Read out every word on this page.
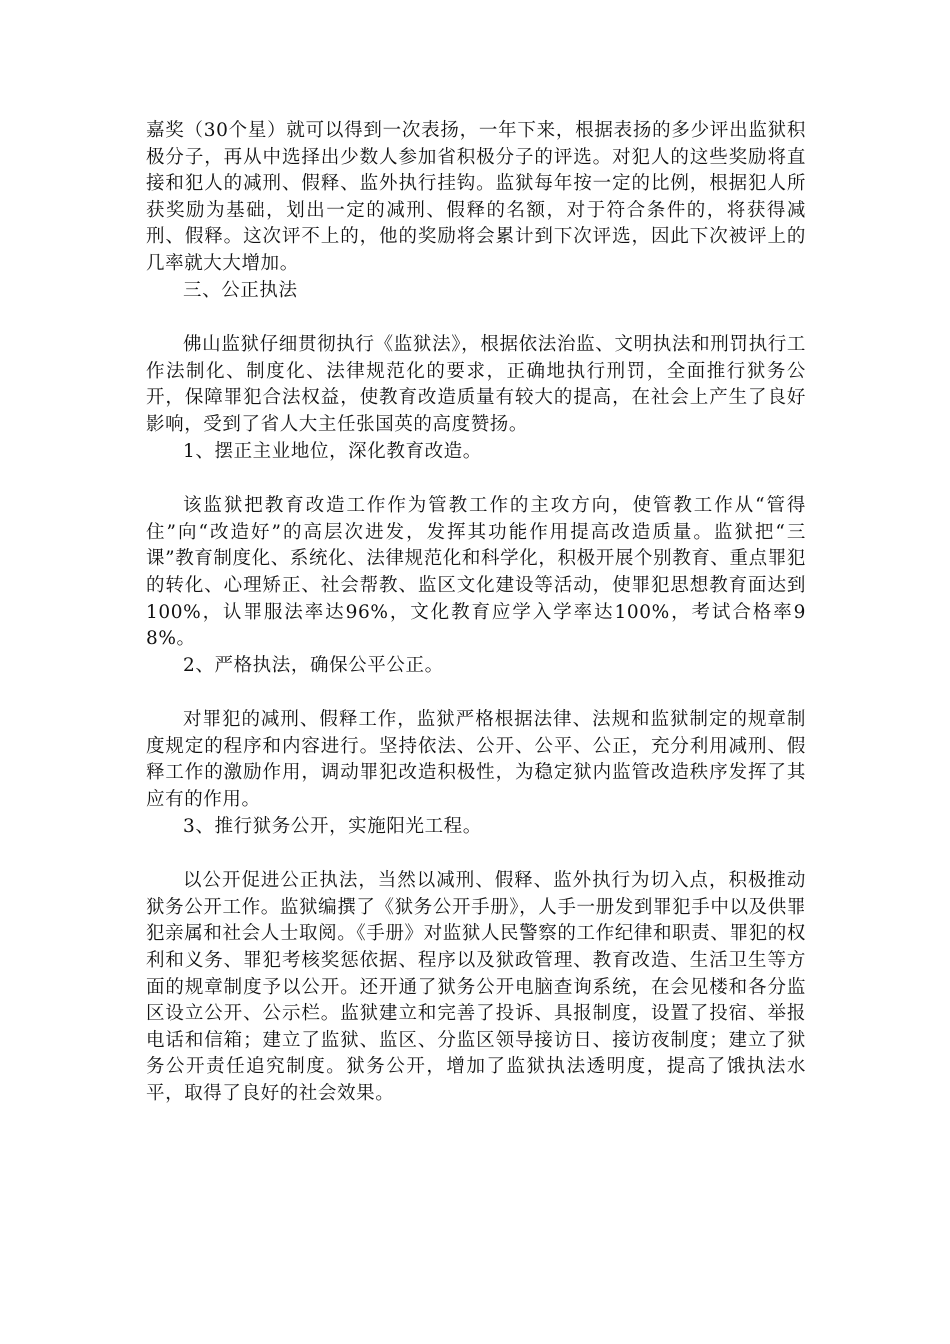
嘉奖（30个星）就可以得到一次表扬，一年下来，根据表扬的多少评出监狱积极分子，再从中选择出少数人参加省积极分子的评选。对犯人的这些奖励将直接和犯人的减刑、假释、监外执行挂钩。监狱每年按一定的比例，根据犯人所获奖励为基础，划出一定的减刑、假释的名额，对于符合条件的，将获得减刑、假释。这次评不上的，他的奖励将会累计到下次评选，因此下次被评上的几率就大大增加。

三、公正执法

佛山监狱仔细贯彻执行《监狱法》，根据依法治监、文明执法和刑罚执行工作法制化、制度化、法律规范化的要求，正确地执行刑罚，全面推行狱务公开，保障罪犯合法权益，使教育改造质量有较大的提高，在社会上产生了良好影响，受到了省人大主任张国英的高度赞扬。

1、摆正主业地位，深化教育改造。

该监狱把教育改造工作作为管教工作的主攻方向，使管教工作从“管得住”向“改造好”的高层次进发，发挥其功能作用提高改造质量。监狱把“三课”教育制度化、系统化、法律规范化和科学化，积极开展个别教育、重点罪犯的转化、心理矫正、社会帮教、监区文化建设等活动，使罪犯思想教育面达到100%，认罪服法率达96%，文化教育应学入学率达100%，考试合格率98%。

2、严格执法，确保公平公正。

对罪犯的减刑、假释工作，监狱严格根据法律、法规和监狱制定的规章制度规定的程序和内容进行。坚持依法、公开、公平、公正，充分利用减刑、假释工作的激励作用，调动罪犯改造积极性，为稳定狱内监管改造秩序发挥了其应有的作用。

3、推行狱务公开，实施阳光工程。

以公开促进公正执法，当然以减刑、假释、监外执行为切入点，积极推动狱务公开工作。监狱编撰了《狱务公开手册》，人手一册发到罪犯手中以及供罪犯亲属和社会人士取阅。《手册》对监狱人民警察的工作纪律和职责、罪犯的权利和义务、罪犯考核奖惩依据、程序以及狱政管理、教育改造、生活卫生等方面的规章制度予以公开。还开通了狱务公开电脑查询系统，在会见楼和各分监区设立公开、公示栏。监狱建立和完善了投诉、具报制度，设置了投宿、举报电话和信箱；建立了监狱、监区、分监区领导接访日、接访夜制度；建立了狱务公开责任追究制度。狱务公开，增加了监狱执法透明度，提高了饿执法水平，取得了良好的社会效果。
